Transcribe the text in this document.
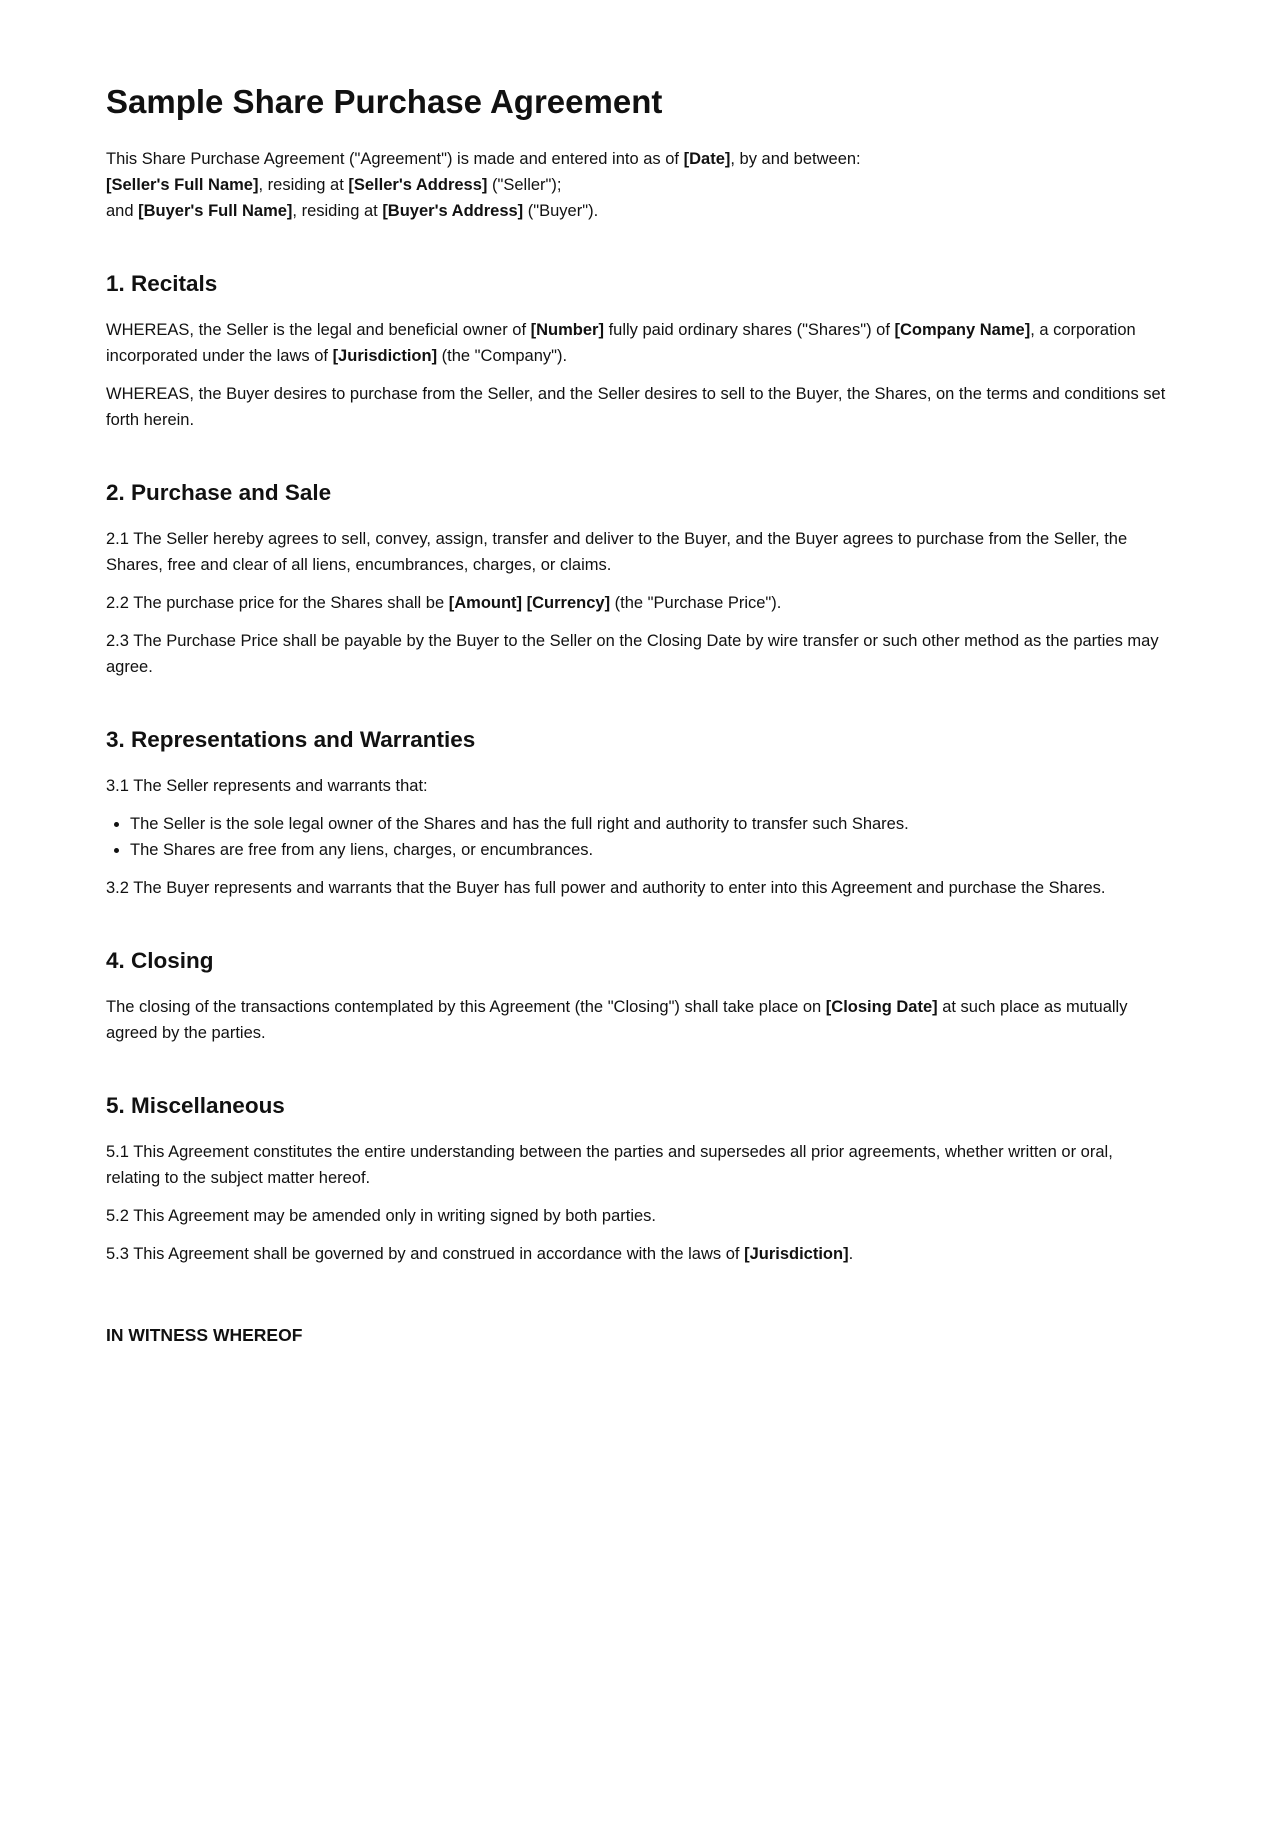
Sample Share Purchase Agreement

This Share Purchase Agreement ("Agreement") is made and entered into as of [Date], by and between:

[Seller's Full Name], residing at [Seller's Address] ("Seller");

and [Buyer's Full Name], residing at [Buyer's Address] ("Buyer").

1. Recitals

WHEREAS, the Seller is the legal and beneficial owner of [Number] fully paid ordinary shares ("Shares") of [Company Name], a corporation incorporated under the laws of [Jurisdiction] (the "Company").

WHEREAS, the Buyer desires to purchase from the Seller, and the Seller desires to sell to the Buyer, the Shares, on the terms and conditions set forth herein.

2. Purchase and Sale

2.1 The Seller hereby agrees to sell, convey, assign, transfer and deliver to the Buyer, and the Buyer agrees to purchase from the Seller, the Shares, free and clear of all liens, encumbrances, charges, or claims.

2.2 The purchase price for the Shares shall be [Amount] [Currency] (the "Purchase Price").

2.3 The Purchase Price shall be payable by the Buyer to the Seller on the Closing Date by wire transfer or such other method as the parties may agree.

3. Representations and Warranties

3.1 The Seller represents and warrants that:

• The Seller is the sole legal owner of the Shares and has the full right and authority to transfer such Shares.
• The Shares are free from any liens, charges, or encumbrances.

3.2 The Buyer represents and warrants that the Buyer has full power and authority to enter into this Agreement and purchase the Shares.

4. Closing

The closing of the transactions contemplated by this Agreement (the "Closing") shall take place on [Closing Date] at such place as mutually agreed by the parties.

5. Miscellaneous

5.1 This Agreement constitutes the entire understanding between the parties and supersedes all prior agreements, whether written or oral, relating to the subject matter hereof.

5.2 This Agreement may be amended only in writing signed by both parties.

5.3 This Agreement shall be governed by and construed in accordance with the laws of [Jurisdiction].

IN WITNESS WHEREOF
